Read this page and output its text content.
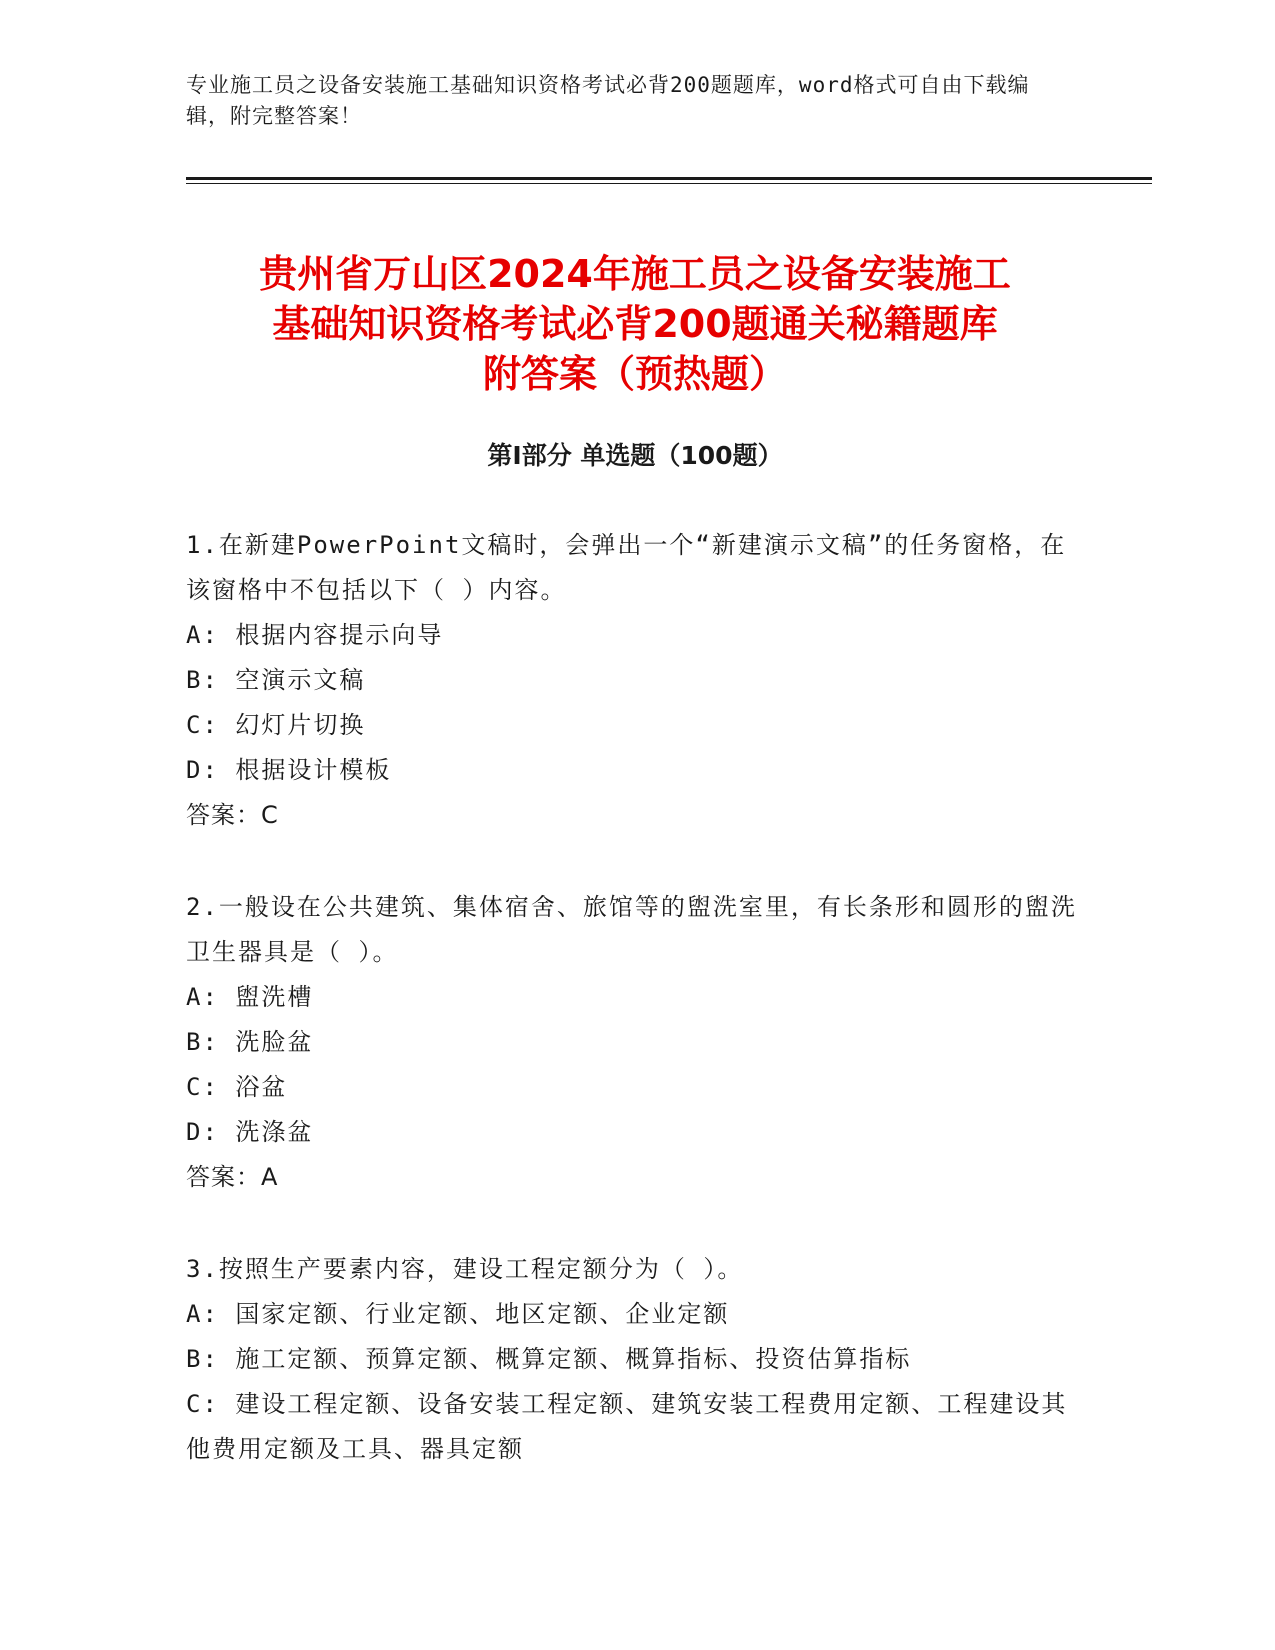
专业施工员之设备安装施工基础知识资格考试必背200题题库，word格式可自由下载编辑，附完整答案！
贵州省万山区2024年施工员之设备安装施工
基础知识资格考试必背200题通关秘籍题库
附答案（预热题）
第Ⅰ部分 单选题（100题）

1.在新建PowerPoint文稿时，会弹出一个“新建演示文稿”的任务窗格，在该窗格中不包括以下（ ）内容。

A: 根据内容提示向导

B: 空演示文稿

C: 幻灯片切换

D: 根据设计模板

答案：C

2.一般设在公共建筑、集体宿舍、旅馆等的盥洗室里，有长条形和圆形的盥洗卫生器具是（ ）。

A: 盥洗槽

B: 洗脸盆

C: 浴盆

D: 洗涤盆

答案：A

3.按照生产要素内容，建设工程定额分为（ ）。

A: 国家定额、行业定额、地区定额、企业定额

B: 施工定额、预算定额、概算定额、概算指标、投资估算指标

C: 建设工程定额、设备安装工程定额、建筑安装工程费用定额、工程建设其他费用定额及工具、器具定额
